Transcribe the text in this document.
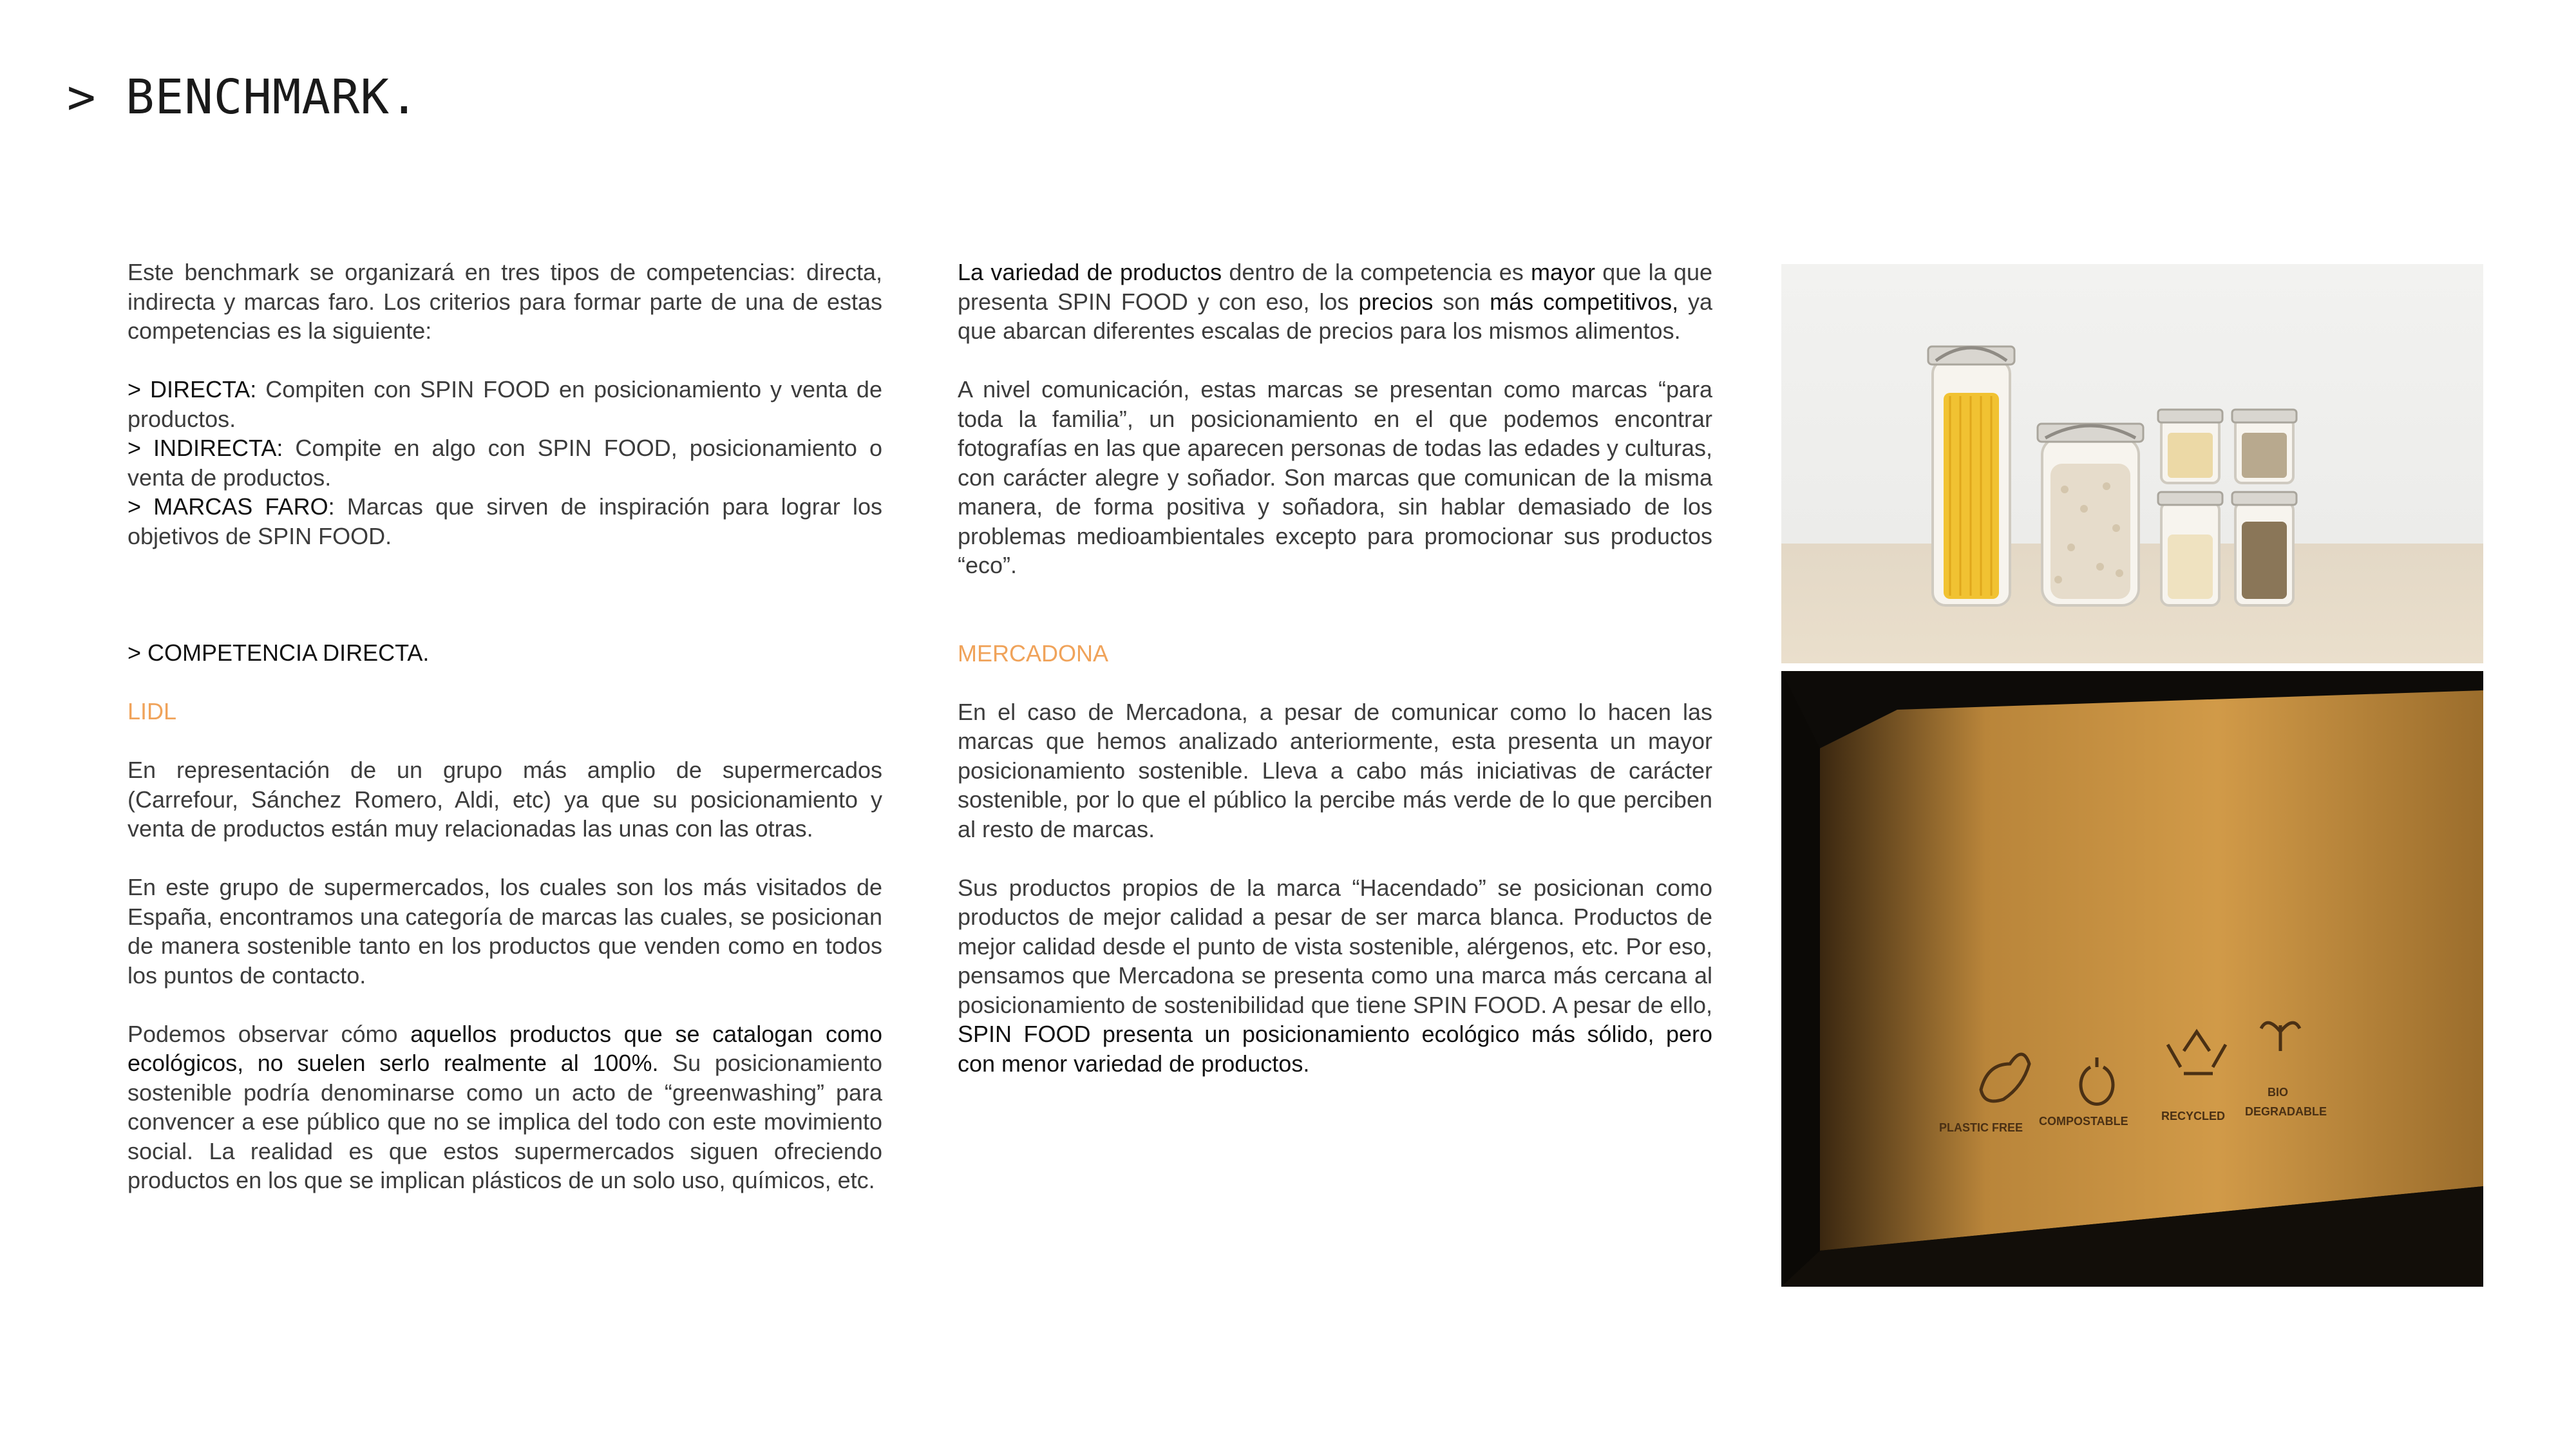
> BENCHMARK.

Este benchmark se organizará en tres tipos de competencias: directa, indirecta y marcas faro. Los criterios para formar parte de una de estas competencias es la siguiente:

> DIRECTA: Compiten con SPIN FOOD en posicionamiento y venta de productos.

> INDIRECTA: Compite en algo con SPIN FOOD, posicionamiento o venta de productos.

> MARCAS FARO: Marcas que sirven de inspiración para lograr los objetivos de SPIN FOOD.

> COMPETENCIA DIRECTA.
LIDL

En representación de un grupo más amplio de supermercados (Carrefour, Sánchez Romero, Aldi, etc) ya que su posicionamiento y venta de productos están muy relacionadas las unas con las otras.

En este grupo de supermercados, los cuales son los más visitados de España, encontramos una categoría de marcas las cuales, se posicionan de manera sostenible tanto en los productos que venden como en todos los puntos de contacto.

Podemos observar cómo aquellos productos que se catalogan como ecológicos, no suelen serlo realmente al 100%. Su posicionamiento sostenible podría denominarse como un acto de “greenwashing” para convencer a ese público que no se implica del todo con este movimiento social. La realidad es que estos supermercados siguen ofreciendo productos en los que se implican plásticos de un solo uso, químicos, etc.

La variedad de productos dentro de la competencia es mayor que la que presenta SPIN FOOD y con eso, los precios son más competitivos, ya que abarcan diferentes escalas de precios para los mismos alimentos.

A nivel comunicación, estas marcas se presentan como marcas “para toda la familia”, un posicionamiento en el que podemos encontrar fotografías en las que aparecen personas de todas las edades y culturas, con carácter alegre y soñador. Son marcas que comunican de la misma manera, de forma positiva y soñadora, sin hablar demasiado de los problemas medioambientales excepto para promocionar sus productos “eco”.

MERCADONA

En el caso de Mercadona, a pesar de comunicar como lo hacen las marcas que hemos analizado anteriormente, esta presenta un mayor posicionamiento sostenible. Lleva a cabo más iniciativas de carácter sostenible, por lo que el público la percibe más verde de lo que perciben al resto de marcas.

Sus productos propios de la marca “Hacendado” se posicionan como productos de mejor calidad a pesar de ser marca blanca. Productos de mejor calidad desde el punto de vista sostenible, alérgenos, etc. Por eso, pensamos que Mercadona se presenta como una marca más cercana al posicionamiento de sostenibilidad que tiene SPIN FOOD. A pesar de ello, SPIN FOOD presenta un posicionamiento ecológico más sólido, pero con menor variedad de productos.

PLASTIC FREE COMPOSTABLE	RECYCLED
BIO
DEGRADABLE
